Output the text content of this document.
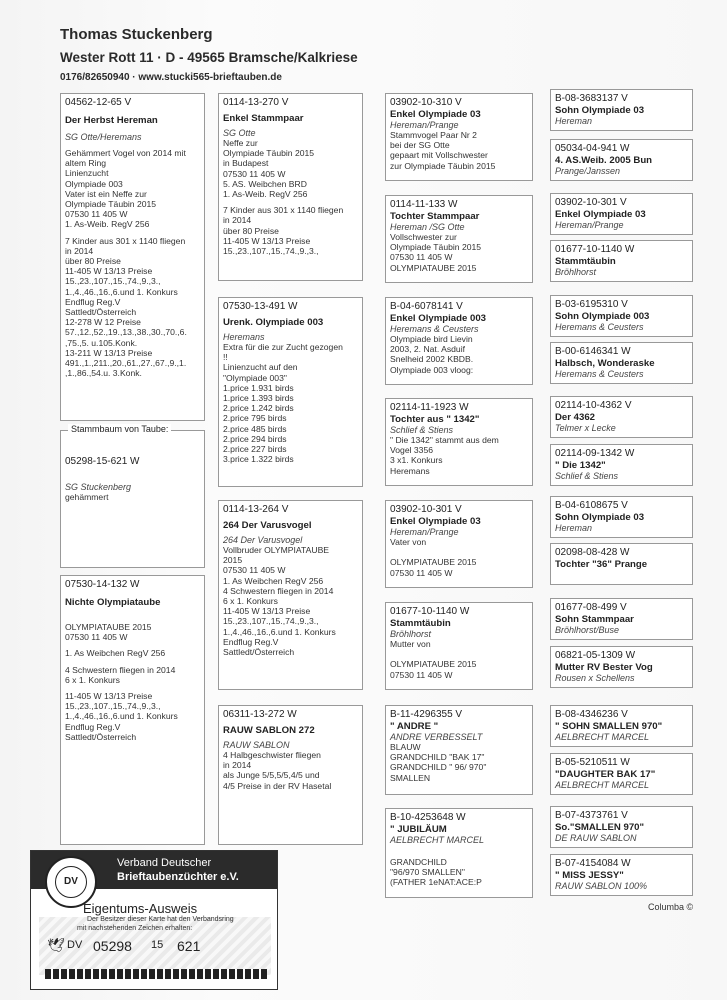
Thomas Stuckenberg
Wester Rott 11 · D - 49565 Bramsche/Kalkriese
0176/82650940 · www.stucki565-brieftauben.de
04562-12-65 V
Der Herbst Hereman
SG Otte/Heremans
Gehämmert Vogel von 2014 mit
altem Ring
Linienzucht
Olympiade 003
Vater ist ein Neffe zur
Olympiade Täubin 2015
07530 11 405 W
1. As-Weib. RegV 256
7 Kinder aus 301 x 1140 fliegen
in 2014
über 80 Preise
11-405 W 13/13 Preise
15.,23.,107.,15.,74.,9.,3.,
1.,4.,46.,16.,6.und 1. Konkurs
Endflug Reg.V
Sattledt/Österreich
12-278 W 12 Preise
57.,12.,52.,19.,13.,38.,30.,70.,6.
,75.,5. u.105.Konk.
13-211 W 13/13 Preise
491.,1.,211.,20.,61.,27.,67.,9.,1.
,1.,86.,54.u. 3.Konk.
05298-15-621 W
SG Stuckenberg
gehämmert
Stammbaum von Taube:
07530-14-132 W
Nichte Olympiataube
OLYMPIATAUBE 2015
07530 11 405 W
1. As Weibchen RegV 256
4 Schwestern fliegen in 2014
6 x 1. Konkurs
11-405 W 13/13 Preise
15.,23.,107.,15.,74.,9.,3.,
1.,4.,46.,16.,6.und 1. Konkurs
Endflug Reg.V
Sattledt/Österreich
0114-13-270 V
Enkel Stammpaar
SG Otte
Neffe zur
Olympiade Täubin 2015
in Budapest
07530 11 405 W
5. AS. Weibchen BRD
1. As-Weib. RegV 256
7 Kinder aus 301 x 1140 fliegen
in 2014
über 80 Preise
11-405 W 13/13 Preise
15.,23.,107.,15.,74.,9.,3.,
07530-13-491 W
Urenk. Olympiade 003
Heremans
Extra für die zur Zucht gezogen
!!
Linienzucht auf den
"Olympiade 003"
1.price 1.931 birds
1.price 1.393 birds
2.price 1.242 birds
2.price 795 birds
2.price 485 birds
2.price 294 birds
2.price 227 birds
3.price 1.322 birds
0114-13-264 V
264 Der Varusvogel
264 Der Varusvogel
Vollbruder OLYMPIATAUBE
2015
07530 11 405 W
1. As Weibchen RegV 256
4 Schwestern fliegen in 2014
6 x 1. Konkurs
11-405 W 13/13 Preise
15.,23.,107.,15.,74.,9.,3.,
1.,4.,46.,16.,6.und 1. Konkurs
Endflug Reg.V
Sattledt/Österreich
06311-13-272 W
RAUW SABLON 272
RAUW SABLON
4 Halbgeschwister fliegen
in 2014
als Junge 5/5,5/5,4/5 und
4/5 Preise in der RV Hasetal
03902-10-310 V
Enkel Olympiade 03
Hereman/Prange
Stammvogel Paar Nr 2
bei der SG Otte
gepaart mit Vollschwester
zur Olympiade Täubin 2015
0114-11-133 W
Tochter Stammpaar
Hereman /SG Otte
Vollschwester zur
Olympiade Täubin 2015
07530 11 405 W
OLYMPIATAUBE 2015
B-04-6078141 V
Enkel Olympiade 003
Heremans & Ceusters
Olympiade bird Lievin
2003, 2. Nat. Asduif
Snelheid 2002 KBDB.
Olympiade 003 vloog:
02114-11-1923 W
Tochter aus " 1342"
Schlief & Stiens
" Die 1342" stammt aus dem
Vogel 3356
3 x1. Konkurs
Heremans
03902-10-301 V
Enkel Olympiade 03
Hereman/Prange
Vater von

OLYMPIATAUBE 2015
07530 11 405 W
01677-10-1140 W
Stammtäubin
Bröhlhorst
Mutter von

OLYMPIATAUBE 2015
07530 11 405 W
B-11-4296355 V
" ANDRE "
ANDRE VERBESSELT
BLAUW
GRANDCHILD "BAK 17"
GRANDCHILD " 96/ 970"
SMALLEN
B-10-4253648 W
" JUBILÄUM
AELBRECHT MARCEL
GRANDCHILD
"96/970 SMALLEN"
(FATHER 1eNAT:ACE:P
B-08-3683137 V
Sohn Olympiade 03
Hereman
05034-04-941 W
4. AS.Weib. 2005 Bun
Prange/Janssen
03902-10-301 V
Enkel Olympiade 03
Hereman/Prange
01677-10-1140 W
Stammtäubin
Bröhlhorst
B-03-6195310 V
Sohn Olympiade 003
Heremans & Ceusters
B-00-6146341 W
Halbsch, Wonderaske
Heremans & Ceusters
02114-10-4362 V
Der 4362
Telmer x Lecke
02114-09-1342 W
" Die 1342"
Schlief & Stiens
B-04-6108675 V
Sohn Olympiade 03
Hereman
02098-08-428 W
Tochter "36" Prange
01677-08-499 V
Sohn Stammpaar
Bröhlhorst/Buse
06821-05-1309 W
Mutter RV Bester Vog
Rousen x Schellens
B-08-4346236 V
" SOHN SMALLEN 970"
AELBRECHT MARCEL
B-05-5210511 W
"DAUGHTER BAK 17"
AELBRECHT MARCEL
B-07-4373761 V
So."SMALLEN 970"
DE RAUW SABLON
B-07-4154084 W
" MISS JESSY"
RAUW SABLON 100%
Columba ©
DV
Verband Deutscher
Brieftaubenzüchter e.V.
Eigentums-Ausweis
Der Besitzer dieser Karte hat den Verbandsring
mit nachstehenden Zeichen erhalten:
🕊 DV 05298 15 621
